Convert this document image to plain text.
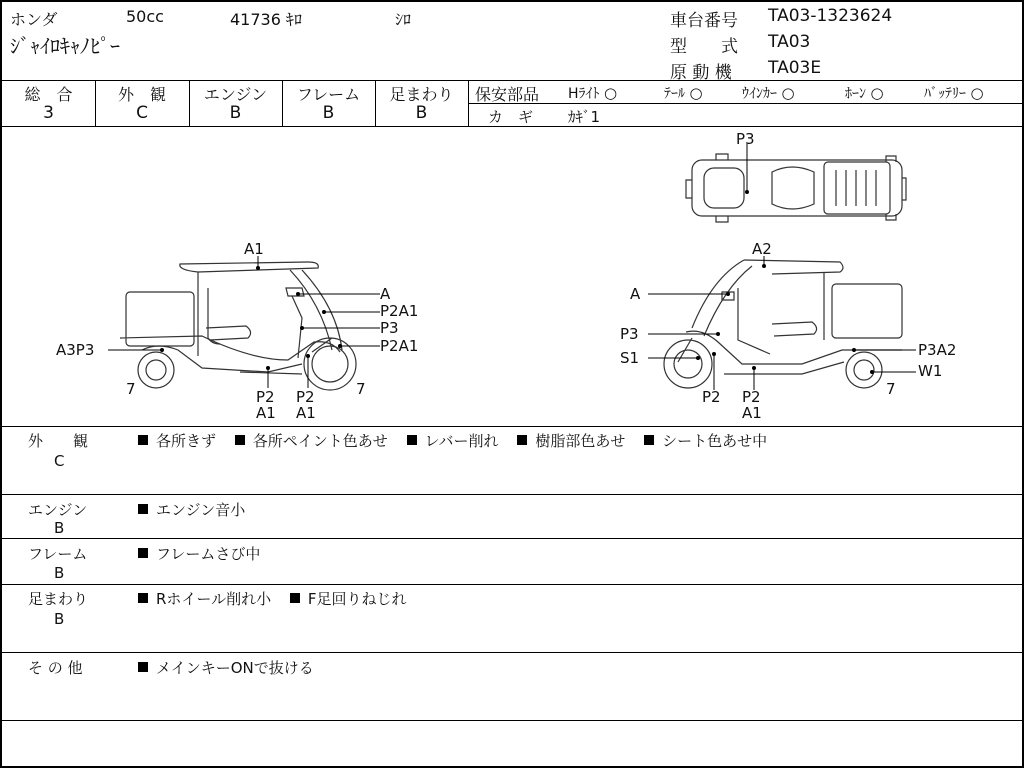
ホンダ	50cc	41736 ｷﾛ	ｼﾛ
ｼﾞｬｲﾛｷｬﾉﾋﾟｰ
車台番号 TA03-1323624
型　　式 TA03
原 動 機 TA03E
総　合
3
外　観
C
エンジン
B
フレーム
B
足まわり
B
保安部品 Hﾗｲﾄ ○	ﾃｰﾙ ○	ｳｲﾝｶｰ ○	ﾎｰﾝ ○	ﾊﾞｯﾃﾘｰ ○
カ　ギ ｶｷﾞ1
A1
A
P2A1
P3
P2A1
A3P3
7	7
P2
A1
P2
A1
P3
A2
A
P3
S1	P3A2
W1
7
P2 P2
A1
外　　観
C
各所きず 各所ペイント色あせ レバー削れ 樹脂部色あせ シート色あせ中
エンジン
B
エンジン音小
フレーム
B
フレームさび中
足まわり
B
Rホイール削れ小 F足回りねじれ
そ の 他	メインキーONで抜ける
